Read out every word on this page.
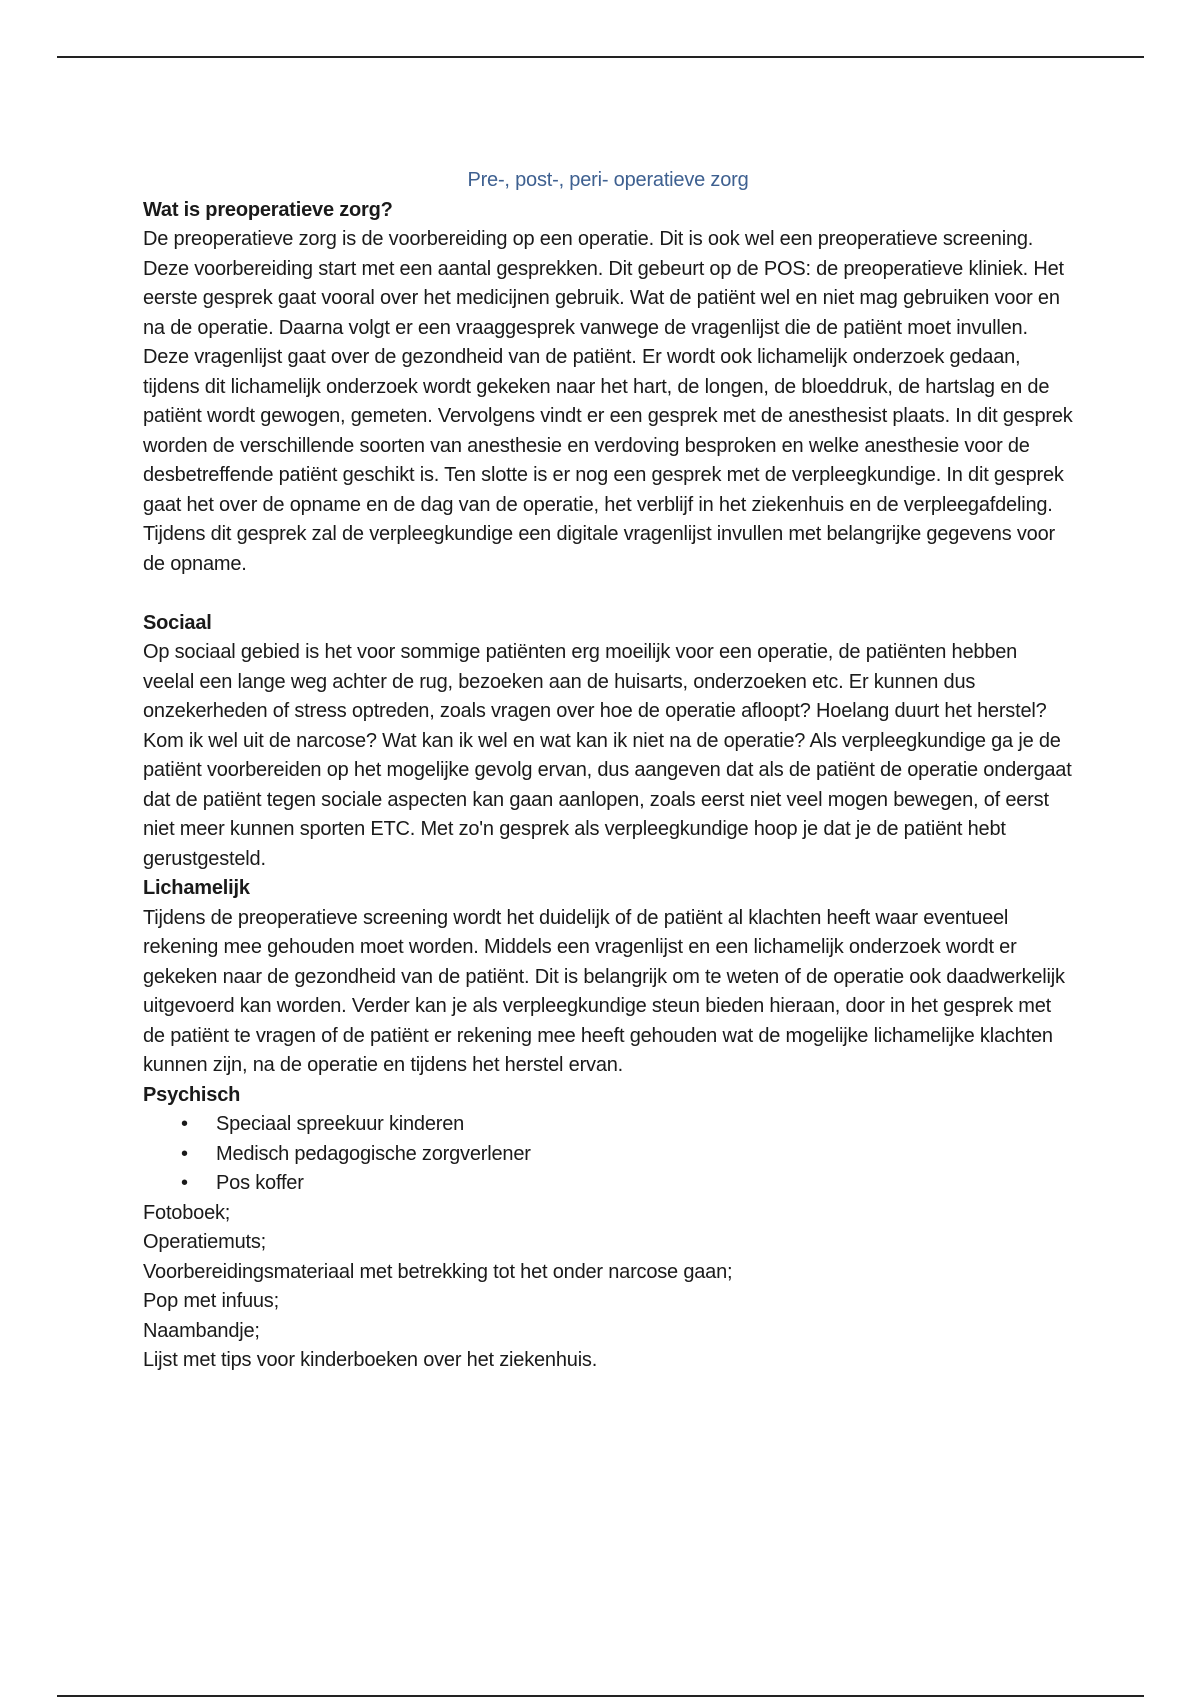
Pre-, post-, peri- operatieve zorg
Wat is preoperatieve zorg?

De preoperatieve zorg is de voorbereiding op een operatie. Dit is ook wel een preoperatieve screening. Deze voorbereiding start met een aantal gesprekken. Dit gebeurt op de POS: de preoperatieve kliniek. Het eerste gesprek gaat vooral over het medicijnen gebruik. Wat de patiënt wel en niet mag gebruiken voor en na de operatie. Daarna volgt er een vraaggesprek vanwege de vragenlijst die de patiënt moet invullen. Deze vragenlijst gaat over de gezondheid van de patiënt. Er wordt ook lichamelijk onderzoek gedaan, tijdens dit lichamelijk onderzoek wordt gekeken naar het hart, de longen, de bloeddruk, de hartslag en de patiënt wordt gewogen, gemeten. Vervolgens vindt er een gesprek met de anesthesist plaats. In dit gesprek worden de verschillende soorten van anesthesie en verdoving besproken en welke anesthesie voor de desbetreffende patiënt geschikt is. Ten slotte is er nog een gesprek met de verpleegkundige. In dit gesprek gaat het over de opname en de dag van de operatie, het verblijf in het ziekenhuis en de verpleegafdeling. Tijdens dit gesprek zal de verpleegkundige een digitale vragenlijst invullen met belangrijke gegevens voor de opname.

Sociaal

Op sociaal gebied is het voor sommige patiënten erg moeilijk voor een operatie, de patiënten hebben veelal een lange weg achter de rug, bezoeken aan de huisarts, onderzoeken etc. Er kunnen dus onzekerheden of stress optreden, zoals vragen over hoe de operatie afloopt? Hoelang duurt het herstel? Kom ik wel uit de narcose? Wat kan ik wel en wat kan ik niet na de operatie? Als verpleegkundige ga je de patiënt voorbereiden op het mogelijke gevolg ervan, dus aangeven dat als de patiënt de operatie ondergaat dat de patiënt tegen sociale aspecten kan gaan aanlopen, zoals eerst niet veel mogen bewegen, of eerst niet meer kunnen sporten ETC. Met zo'n gesprek als verpleegkundige hoop je dat je de patiënt hebt gerustgesteld.

Lichamelijk

Tijdens de preoperatieve screening wordt het duidelijk of de patiënt al klachten heeft waar eventueel rekening mee gehouden moet worden. Middels een vragenlijst en een lichamelijk onderzoek wordt er gekeken naar de gezondheid van de patiënt. Dit is belangrijk om te weten of de operatie ook daadwerkelijk uitgevoerd kan worden. Verder kan je als verpleegkundige steun bieden hieraan, door in het gesprek met de patiënt te vragen of de patiënt er rekening mee heeft gehouden wat de mogelijke lichamelijke klachten kunnen zijn, na de operatie en tijdens het herstel ervan.

Psychisch
• Speciaal spreekuur kinderen
• Medisch pedagogische zorgverlener
• Pos koffer

Fotoboek;

Operatiemuts;

Voorbereidingsmateriaal met betrekking tot het onder narcose gaan;

Pop met infuus;

Naambandje;

Lijst met tips voor kinderboeken over het ziekenhuis.
